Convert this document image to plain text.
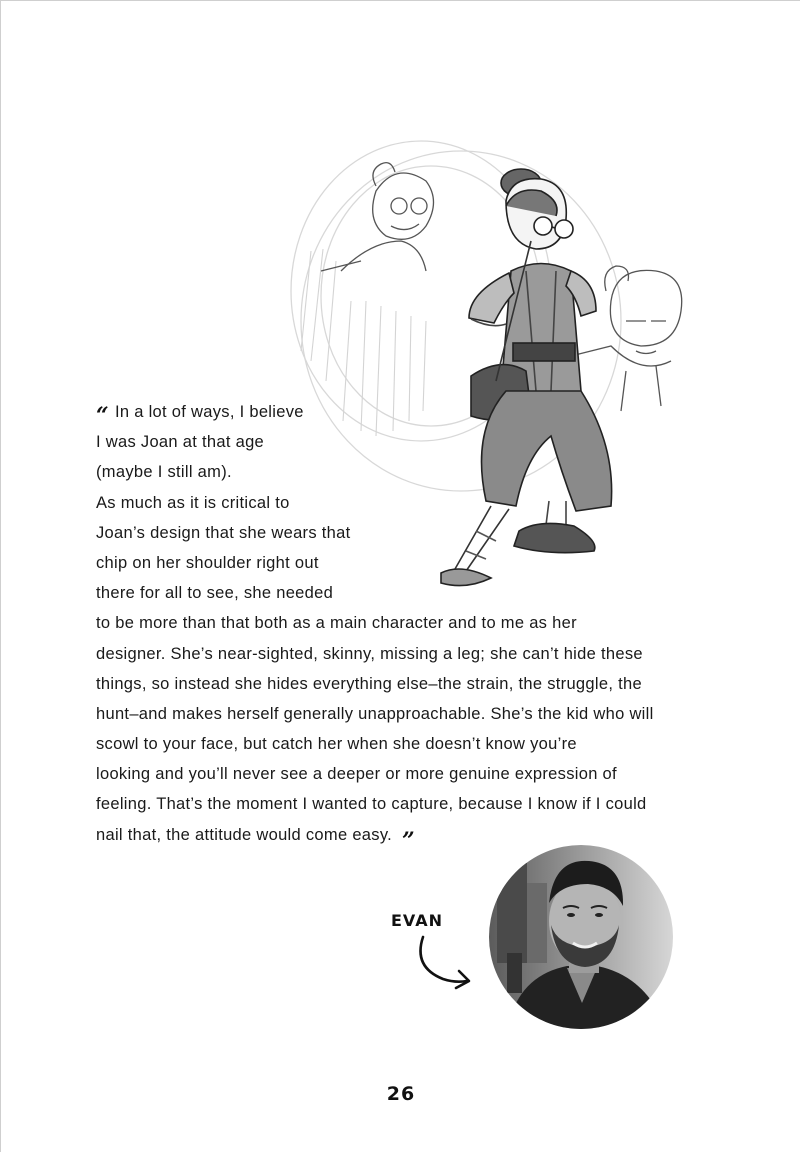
“ In a lot of ways, I believe
I was Joan at that age
(maybe I still am).
As much as it is critical to
Joan’s design that she wears that
chip on her shoulder right out
there for all to see, she needed
to be more than that both as a main character and to me as her
designer. She’s near-sighted, skinny, missing a leg; she can’t hide these
things, so instead she hides everything else–the strain, the struggle, the
hunt–and makes herself generally unapproachable. She’s the kid who will
scowl to your face, but catch her when she doesn’t know you’re
looking and you’ll never see a deeper or more genuine expression of
feeling. That’s the moment I wanted to capture, because I know if I could
nail that, the attitude would come easy. ”
EVAN
26
